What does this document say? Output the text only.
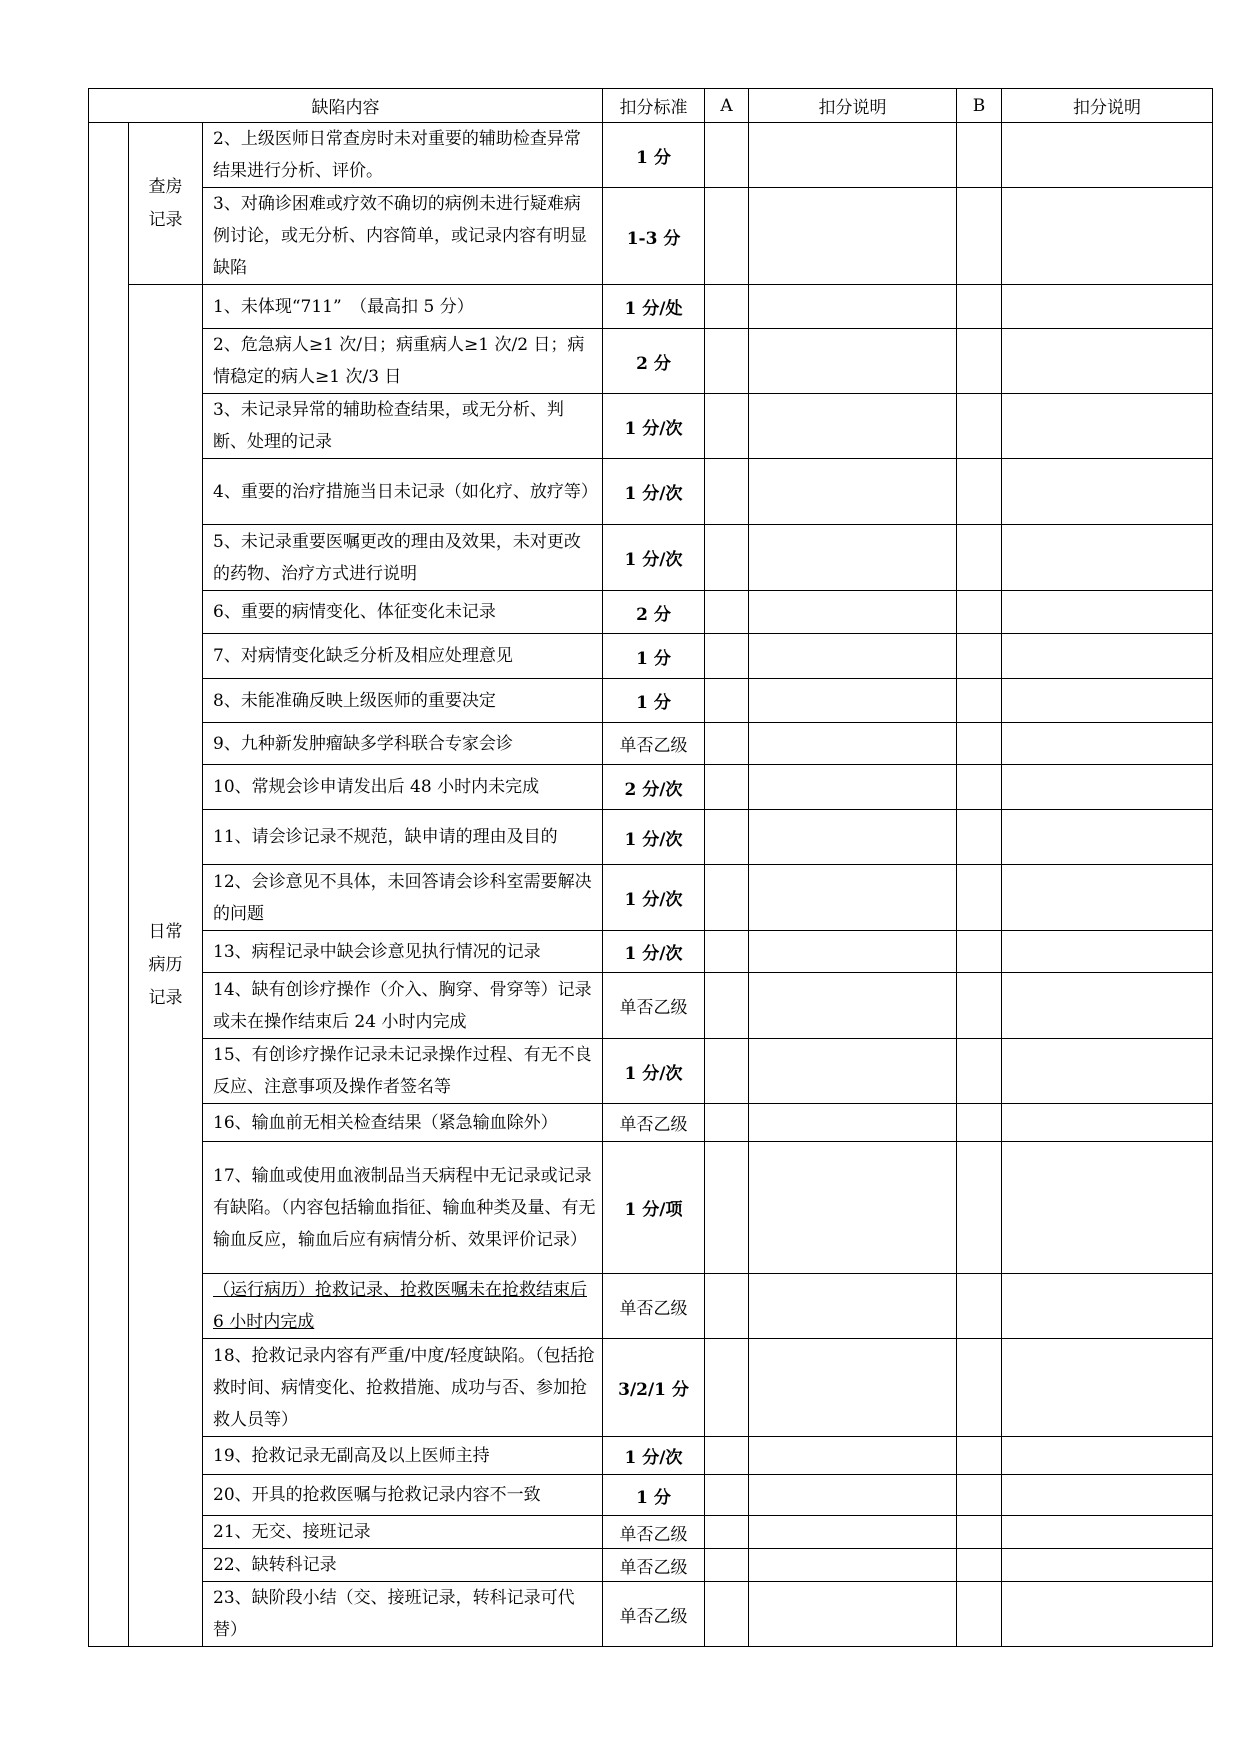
缺陷内容			扣分标准	A	扣分说明	B	扣分说明
	查房记录	2、上级医师日常查房时未对重要的辅助检查异常结果进行分析、评价。	1 分				
		3、对确诊困难或疗效不确切的病例未进行疑难病例讨论，或无分析、内容简单，或记录内容有明显缺陷	1-3 分				
	日常病历记录	1、未体现“711”　（最高扣 5 分）	1 分/处				
		2、危急病人≥1 次/日；病重病人≥1 次/2 日；病情稳定的病人≥1 次/3 日	2 分				
		3、未记录异常的辅助检查结果，或无分析、判断、处理的记录	1 分/次				
		4、重要的治疗措施当日未记录（如化疗、放疗等）	1 分/次				
		5、未记录重要医嘱更改的理由及效果，未对更改的药物、治疗方式进行说明	1 分/次				
		6、重要的病情变化、体征变化未记录	2 分				
		7、对病情变化缺乏分析及相应处理意见	1 分				
		8、未能准确反映上级医师的重要决定	1 分				
		9、九种新发肿瘤缺多学科联合专家会诊	单否乙级				
		10、常规会诊申请发出后 48 小时内未完成	2 分/次				
		11、请会诊记录不规范，缺申请的理由及目的	1 分/次				
		12、会诊意见不具体，未回答请会诊科室需要解决的问题	1 分/次				
		13、病程记录中缺会诊意见执行情况的记录	1 分/次				
		14、缺有创诊疗操作（介入、胸穿、骨穿等）记录或未在操作结束后 24 小时内完成	单否乙级				
		15、有创诊疗操作记录未记录操作过程、有无不良反应、注意事项及操作者签名等	1 分/次				
		16、输血前无相关检查结果（紧急输血除外）	单否乙级				
		17、输血或使用血液制品当天病程中无记录或记录有缺陷。（内容包括输血指征、输血种类及量、有无输血反应，输血后应有病情分析、效果评价记录）	1 分/项				
		（运行病历）抢救记录、抢救医嘱未在抢救结束后 6 小时内完成	单否乙级				
		18、抢救记录内容有严重/中度/轻度缺陷。（包括抢救时间、病情变化、抢救措施、成功与否、参加抢救人员等）	3/2/1 分				
		19、抢救记录无副高及以上医师主持	1 分/次				
		20、开具的抢救医嘱与抢救记录内容不一致	1 分				
		21、无交、接班记录	单否乙级				
		22、缺转科记录	单否乙级				
		23、缺阶段小结（交、接班记录，转科记录可代替）	单否乙级				
